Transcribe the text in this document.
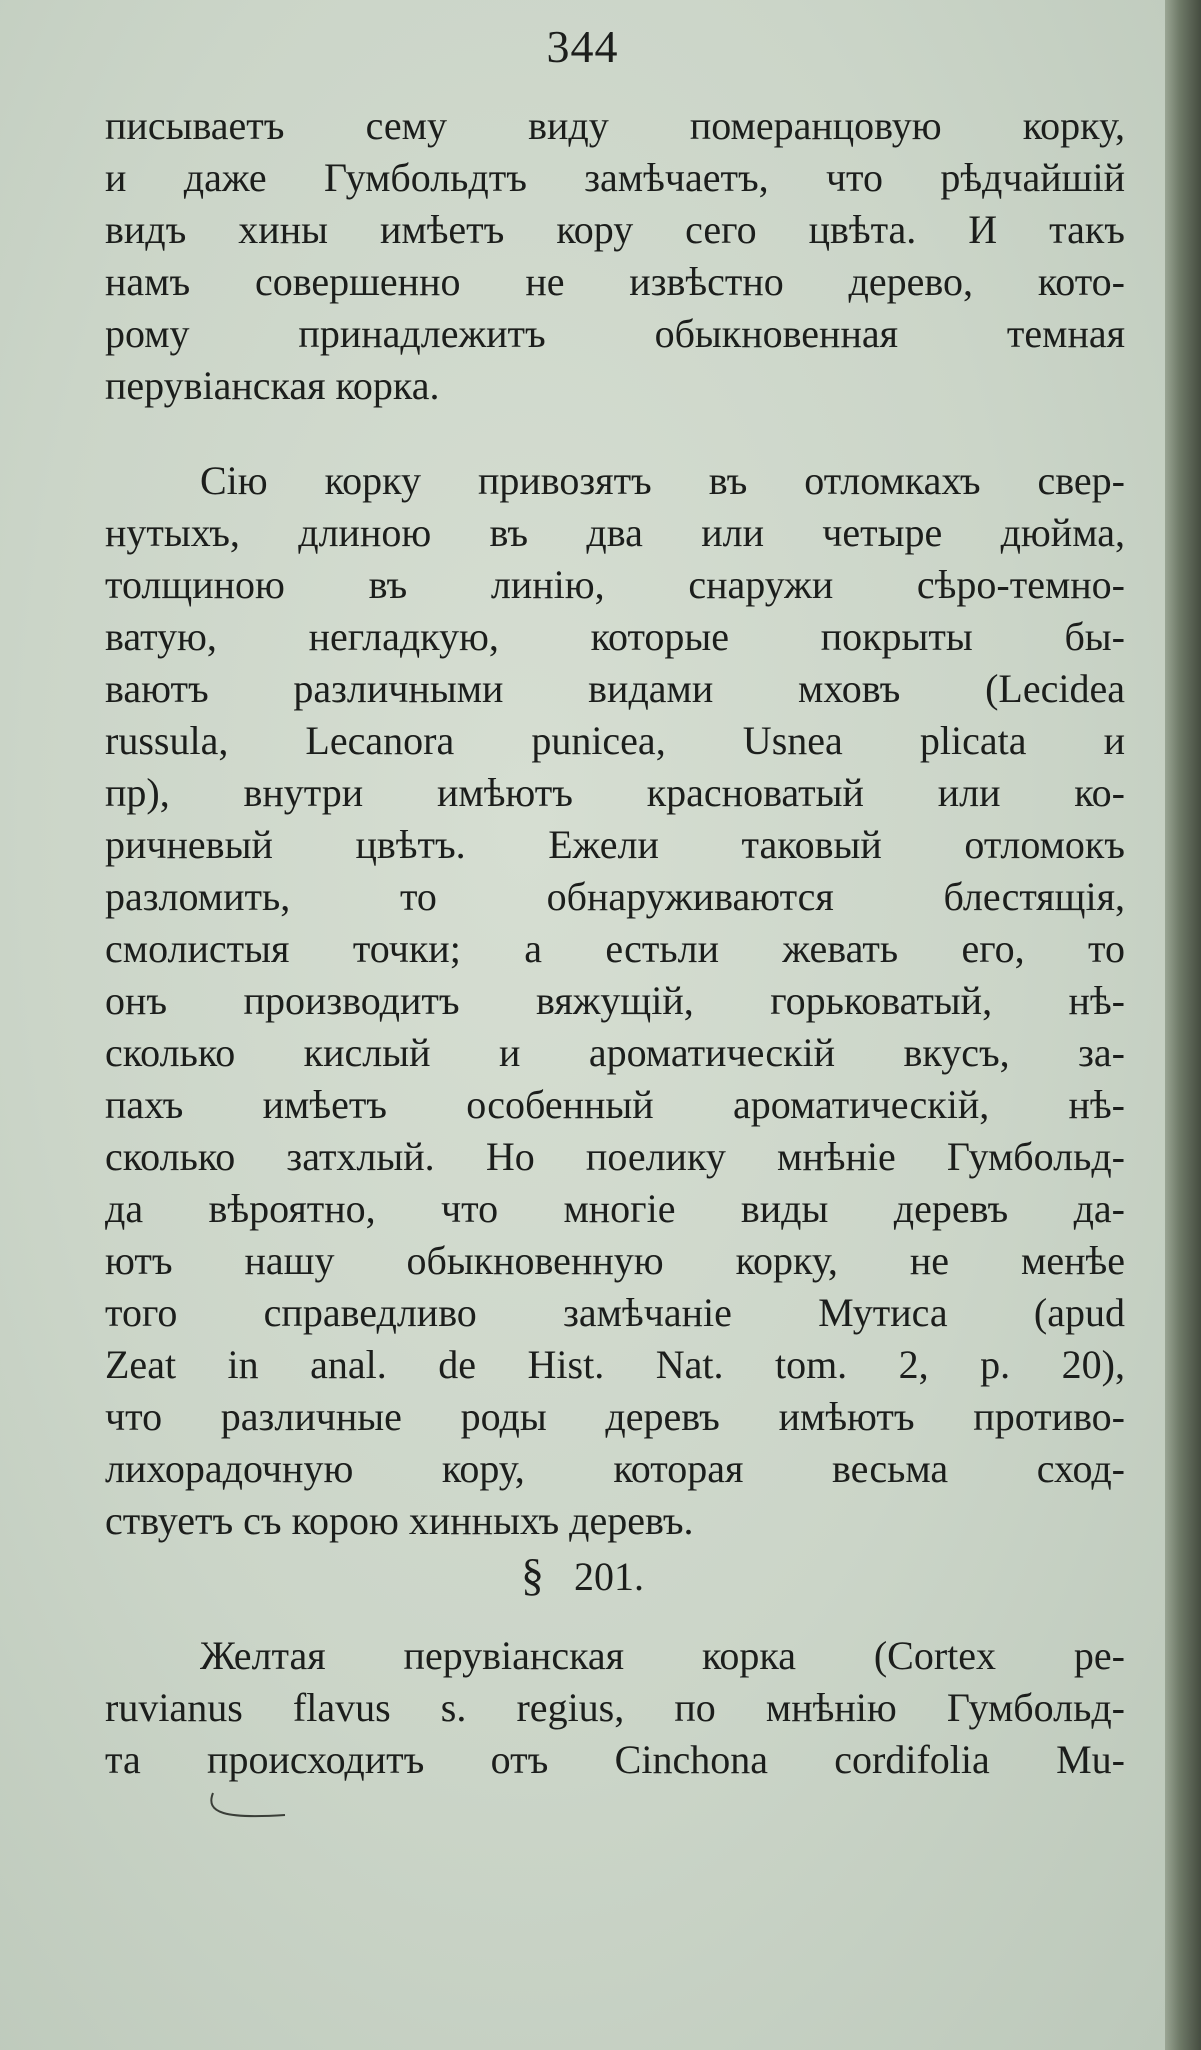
344
писываетъ сему виду померанцовую корку,
и даже Гумбольдтъ замѣчаетъ, что рѣдчайшій
видъ хины имѣетъ кору сего цвѣта. И такъ
намъ совершенно не извѣстно дерево, кото-
рому принадлежитъ обыкновенная темная
перувіанская корка.
Сію корку привозятъ въ отломкахъ свер-
нутыхъ, длиною въ два или четыре дюйма,
толщиною въ линію, снаружи сѣро-темно-
ватую, негладкую, которые покрыты бы-
ваютъ различными видами мховъ (Lecidea
russula, Lecanora punicea, Usnea plicata и
пр), внутри имѣютъ красноватый или ко-
ричневый цвѣтъ. Ежели таковый отломокъ
разломить, то обнаруживаются блестящія,
смолистыя точки; а естьли жевать его, то
онъ производитъ вяжущій, горьковатый, нѣ-
сколько кислый и ароматическій вкусъ, за-
пахъ имѣетъ особенный ароматическій, нѣ-
сколько затхлый. Но поелику мнѣніе Гумбольд-
да вѣроятно, что многіе виды деревъ да-
ютъ нашу обыкновенную корку, не менѣе
того справедливо замѣчаніе Мутиса (apud
Zeat in anal. de Hist. Nat. tom. 2, p. 20),
что различные роды деревъ имѣютъ противо-
лихорадочную кору, которая весьма сход-
ствуетъ съ корою хинныхъ деревъ.
§ 201.
Желтая перувіанская корка (Cortex pe-
ruvianus flavus s. regius, по мнѣнію Гумбольд-
та происходитъ отъ Cinchona cordifolia Mu-
